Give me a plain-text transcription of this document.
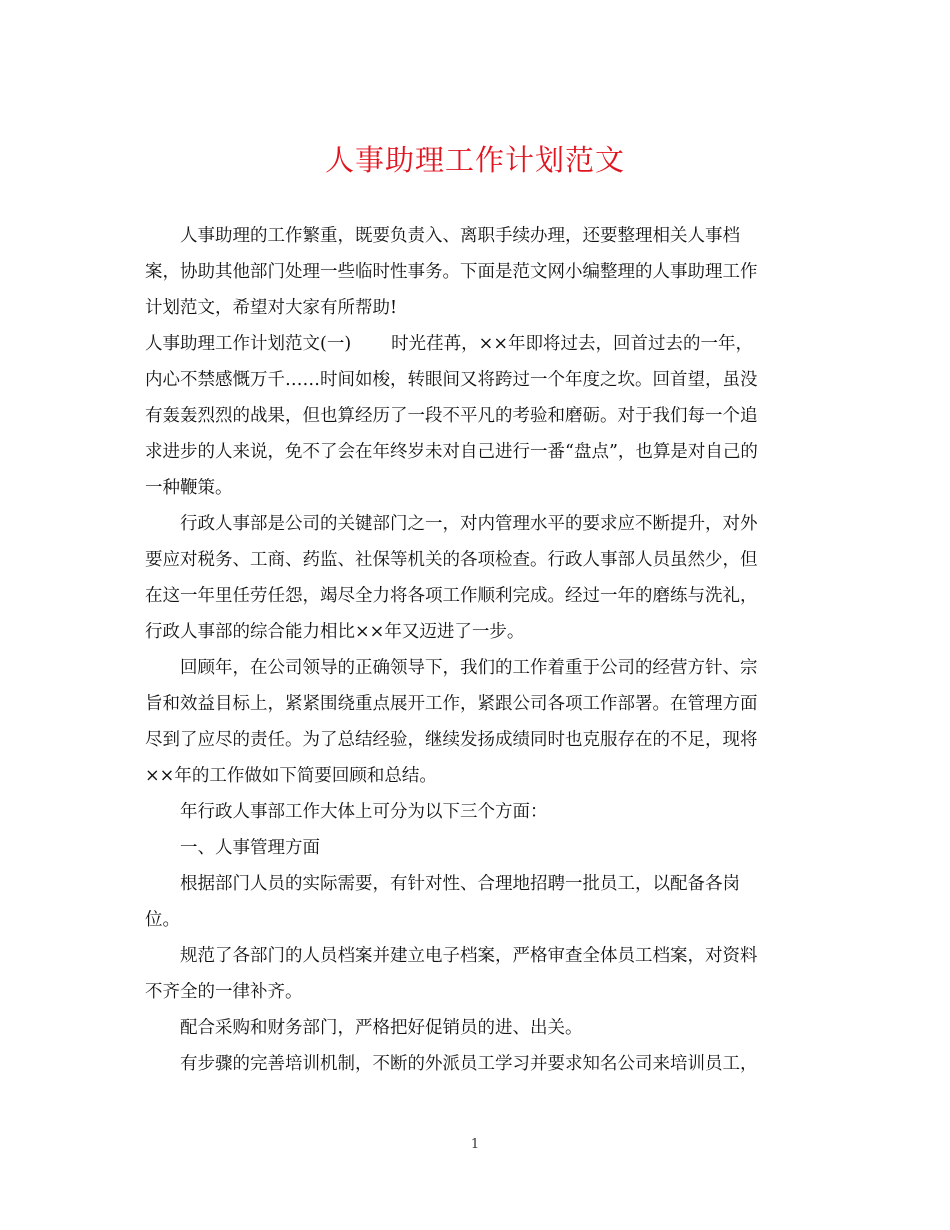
人事助理工作计划范文
人事助理的工作繁重，既要负责入、离职手续办理，还要整理相关人事档
案，协助其他部门处理一些临时性事务。下面是范文网小编整理的人事助理工作
计划范文，希望对大家有所帮助!
人事助理工作计划范文(一) 时光荏苒，××年即将过去，回首过去的一年，
内心不禁感慨万千……时间如梭，转眼间又将跨过一个年度之坎。回首望，虽没
有轰轰烈烈的战果，但也算经历了一段不平凡的考验和磨砺。对于我们每一个追
求进步的人来说，免不了会在年终岁未对自己进行一番“盘点”，也算是对自己的
一种鞭策。
行政人事部是公司的关键部门之一，对内管理水平的要求应不断提升，对外
要应对税务、工商、药监、社保等机关的各项检查。行政人事部人员虽然少，但
在这一年里任劳任怨，竭尽全力将各项工作顺利完成。经过一年的磨练与洗礼，
行政人事部的综合能力相比××年又迈进了一步。
回顾年，在公司领导的正确领导下，我们的工作着重于公司的经营方针、宗
旨和效益目标上，紧紧围绕重点展开工作，紧跟公司各项工作部署。在管理方面
尽到了应尽的责任。为了总结经验，继续发扬成绩同时也克服存在的不足，现将
××年的工作做如下简要回顾和总结。
年行政人事部工作大体上可分为以下三个方面：
一、人事管理方面
根据部门人员的实际需要，有针对性、合理地招聘一批员工，以配备各岗
位。
规范了各部门的人员档案并建立电子档案，严格审查全体员工档案，对资料
不齐全的一律补齐。
配合采购和财务部门，严格把好促销员的进、出关。
有步骤的完善培训机制，不断的外派员工学习并要求知名公司来培训员工，
1
